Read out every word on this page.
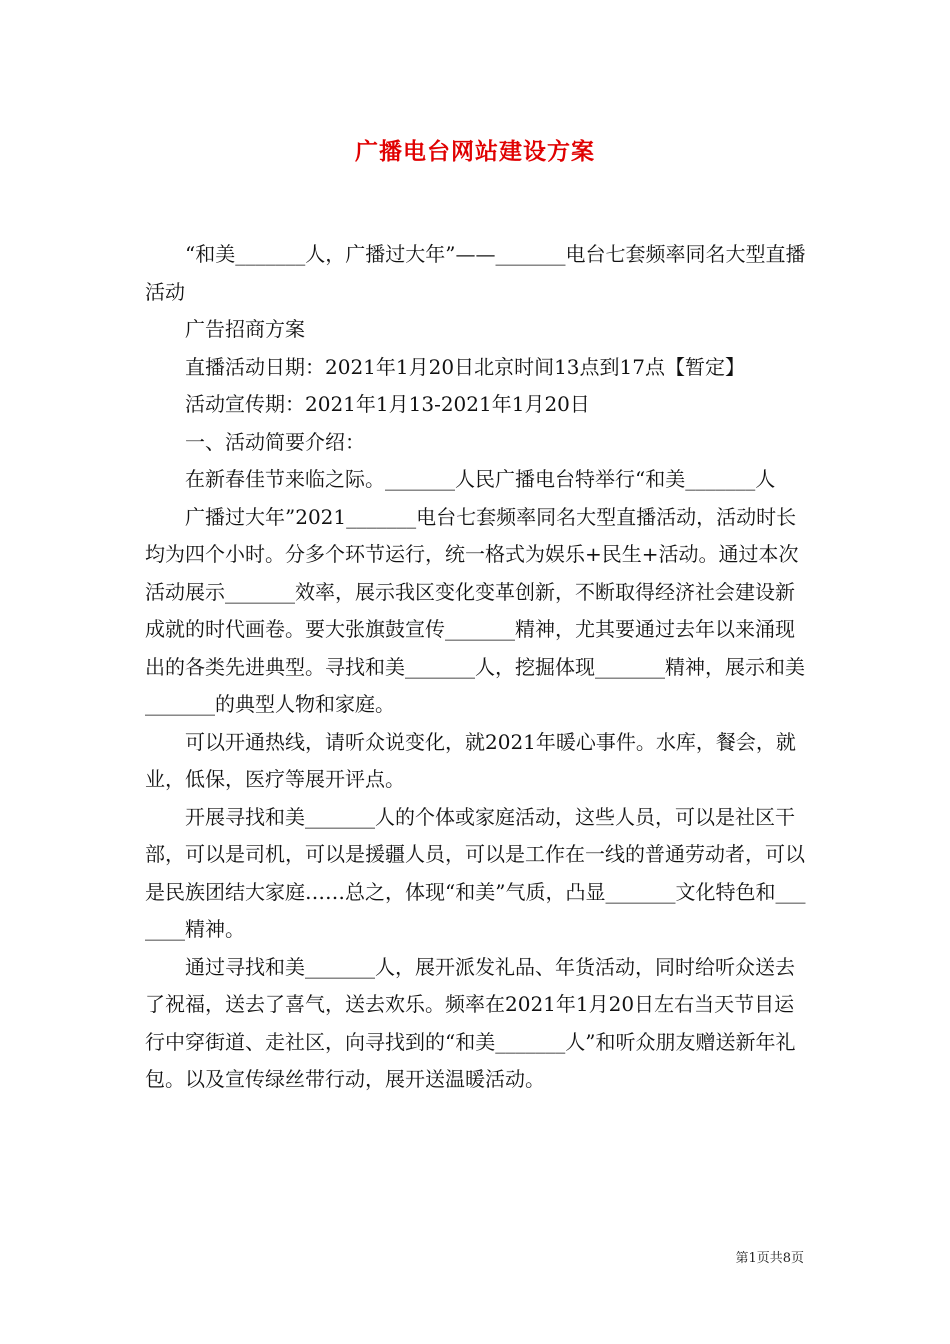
广播电台网站建设方案

“和美_______人，广播过大年”——_______电台七套频率同名大型直播活动

广告招商方案

直播活动日期：2021年1月20日北京时间13点到17点【暂定】

活动宣传期：2021年1月13-2021年1月20日

一、活动简要介绍：

在新春佳节来临之际。_______人民广播电台特举行“和美_______人

广播过大年”2021_______电台七套频率同名大型直播活动，活动时长均为四个小时。分多个环节运行，统一格式为娱乐+民生+活动。通过本次活动展示_______效率，展示我区变化变革创新，不断取得经济社会建设新成就的时代画卷。要大张旗鼓宣传_______精神，尤其要通过去年以来涌现出的各类先进典型。寻找和美_______人，挖掘体现_______精神，展示和美_______的典型人物和家庭。

可以开通热线，请听众说变化，就2021年暖心事件。水库，餐会，就业，低保，医疗等展开评点。

开展寻找和美_______人的个体或家庭活动，这些人员，可以是社区干部，可以是司机，可以是援疆人员，可以是工作在一线的普通劳动者，可以是民族团结大家庭……总之，体现“和美”气质，凸显_______文化特色和_______精神。

通过寻找和美_______人，展开派发礼品、年货活动，同时给听众送去了祝福，送去了喜气，送去欢乐。频率在2021年1月20日左右当天节目运行中穿街道、走社区，向寻找到的“和美_______人”和听众朋友赠送新年礼包。以及宣传绿丝带行动，展开送温暖活动。

第1页共8页
